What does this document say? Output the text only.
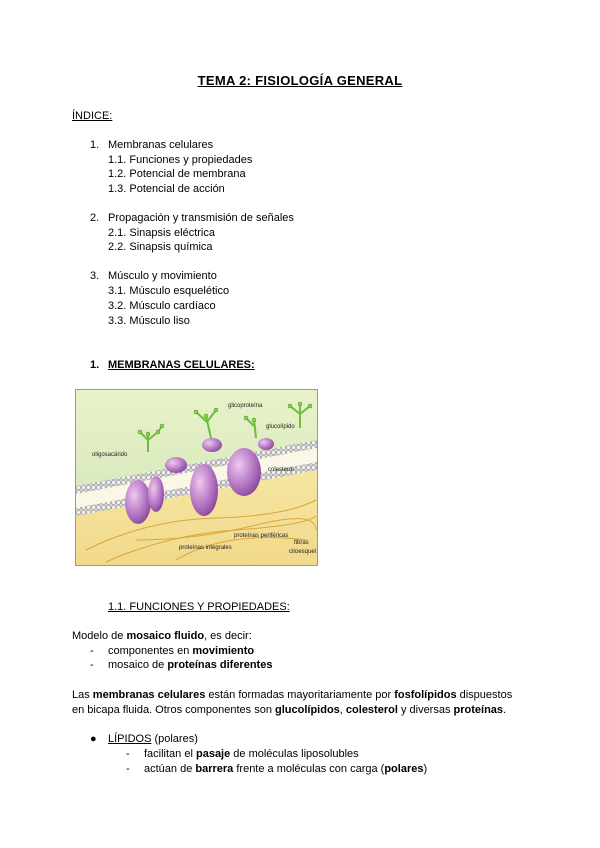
TEMA 2: FISIOLOGÍA GENERAL
ÍNDICE:
1. Membranas celulares
1.1. Funciones y propiedades
1.2. Potencial de membrana
1.3. Potencial de acción
2. Propagación y transmisión de señales
2.1. Sinapsis eléctrica
2.2. Sinapsis química
3. Músculo y movimiento
3.1. Músculo esquelético
3.2. Músculo cardíaco
3.3. Músculo liso
1. MEMBRANAS CELULARES:
glicoproteína
glucolípido
oligosacárido
colesterol
proteínas periféricas
proteínas integrales
fibras
citoesquel
1.1. FUNCIONES Y PROPIEDADES:
Modelo de mosaico fluido, es decir:
- componentes en movimiento
- mosaico de proteínas diferentes
Las membranas celulares están formadas mayoritariamente por fosfolípidos dispuestos
en bicapa fluida. Otros componentes son glucolípidos, colesterol y diversas proteínas.
● LÍPIDOS (polares)
- facilitan el pasaje de moléculas liposolubles
- actúan de barrera frente a moléculas con carga (polares)
